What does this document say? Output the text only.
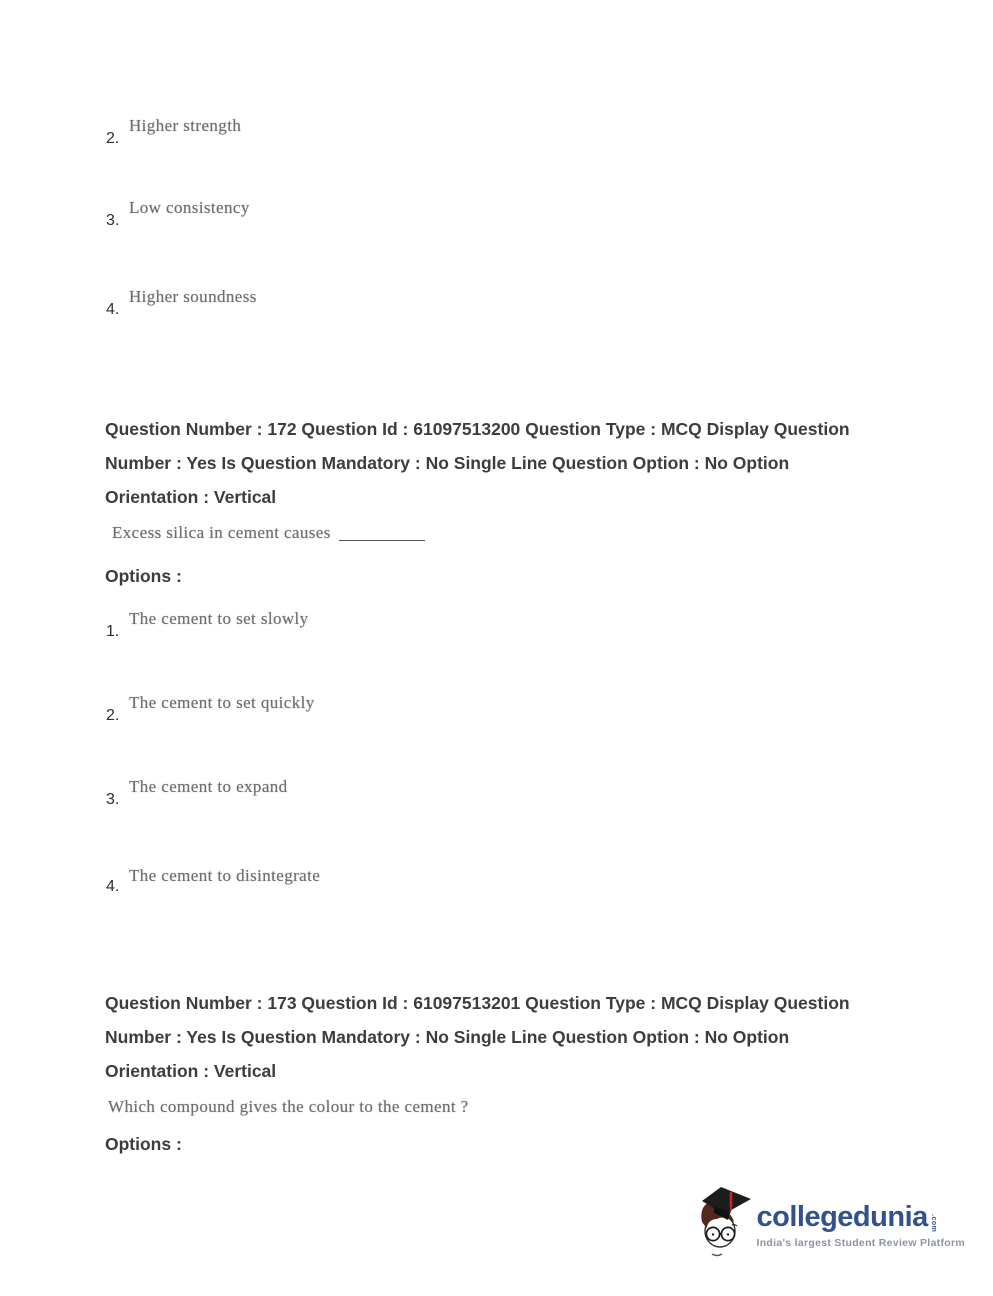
2.
Higher strength
3.
Low consistency
4.
Higher soundness
Question Number : 172 Question Id : 61097513200 Question Type : MCQ Display Question
Number : Yes Is Question Mandatory : No Single Line Question Option : No Option
Orientation : Vertical
Excess silica in cement causes
Options :
1.
The cement to set slowly
2.
The cement to set quickly
3.
The cement to expand
4.
The cement to disintegrate
Question Number : 173 Question Id : 61097513201 Question Type : MCQ Display Question
Number : Yes Is Question Mandatory : No Single Line Question Option : No Option
Orientation : Vertical
Which compound gives the colour to the cement ?
Options :
collegedunia .com
India's largest Student Review Platform
